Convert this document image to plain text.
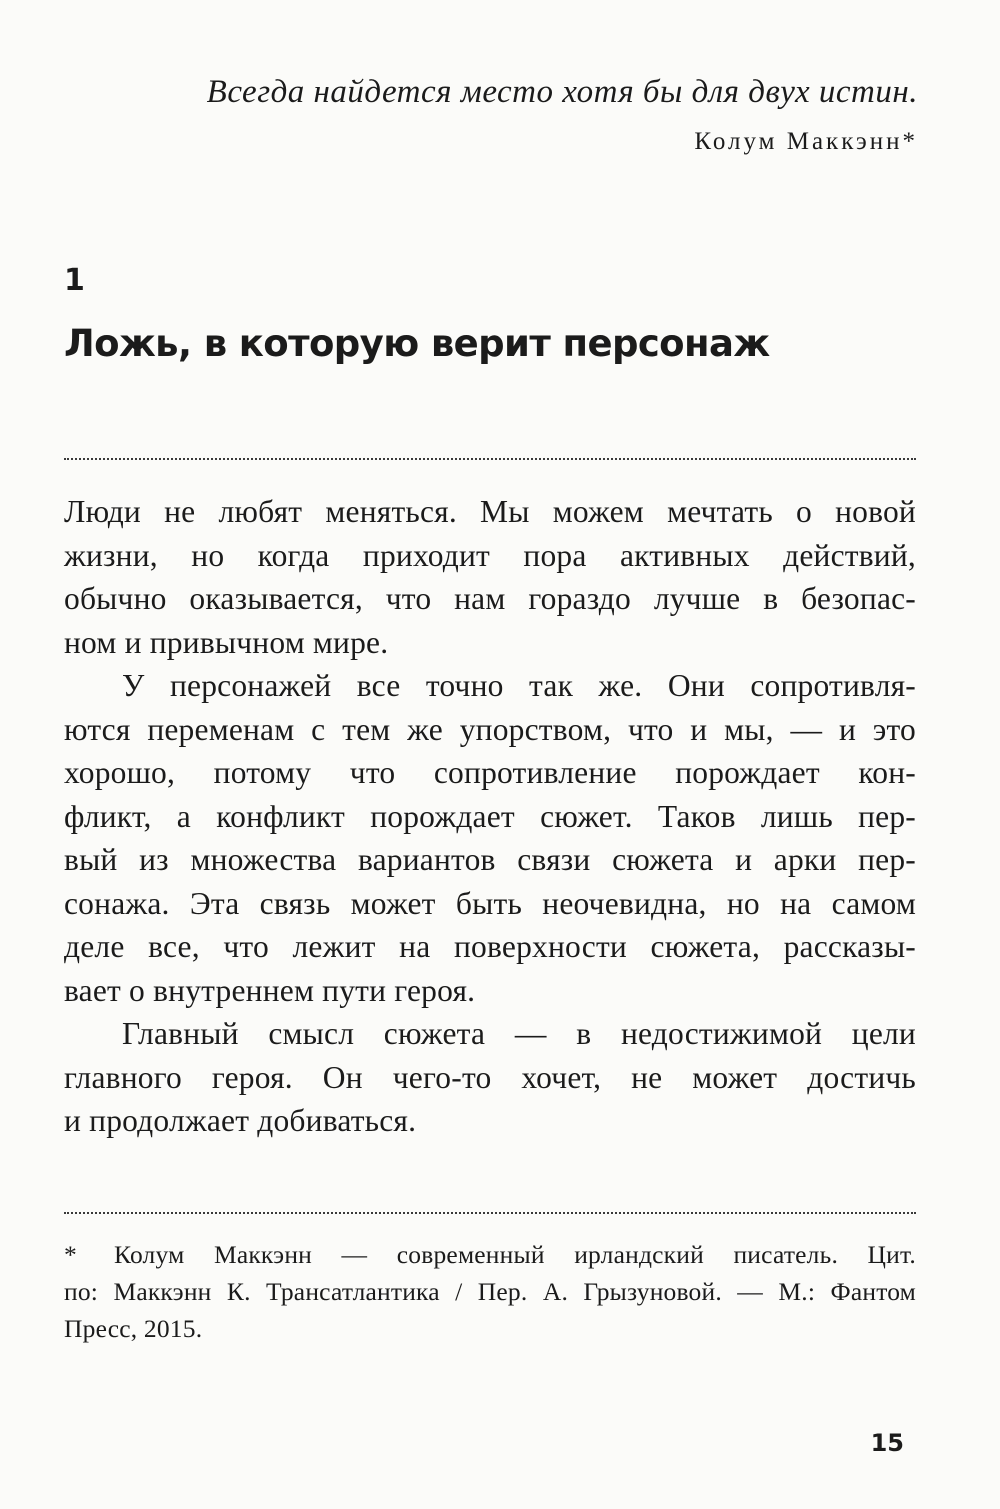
Всегда найдется место хотя бы для двух истин.
Колум Маккэнн*
1
Ложь, в которую верит персонаж

Люди не любят меняться. Мы можем мечтать о новой
жизни, но когда приходит пора активных действий,
обычно оказывается, что нам гораздо лучше в безопас-
ном и привычном мире.

У персонажей все точно так же. Они сопротивля-
ются переменам с тем же упорством, что и мы, — и это
хорошо, потому что сопротивление порождает кон-
фликт, а конфликт порождает сюжет. Таков лишь пер-
вый из множества вариантов связи сюжета и арки пер-
сонажа. Эта связь может быть неочевидна, но на самом
деле все, что лежит на поверхности сюжета, рассказы-
вает о внутреннем пути героя.

Главный смысл сюжета — в недостижимой цели
главного героя. Он чего-то хочет, не может достичь
и продолжает добиваться.

* Колум Маккэнн — современный ирландский писатель. Цит.
по: Маккэнн К. Трансатлантика / Пер. А. Грызуновой. — М.: Фантом
Пресс, 2015.
15
